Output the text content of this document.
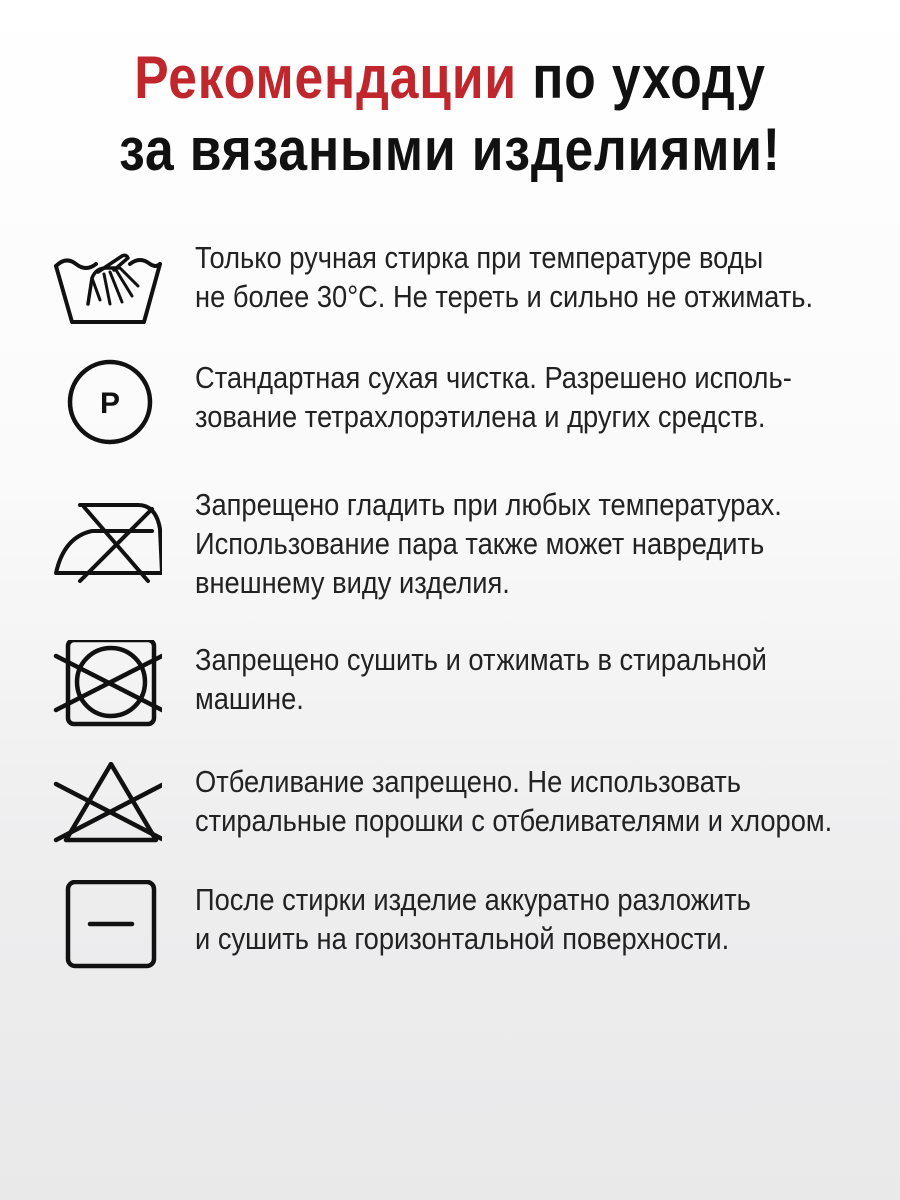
Рекомендации по уходу
за вязаными изделиями!
Только ручная стирка при температуре воды
не более 30°C. Не тереть и сильно не отжимать.
P
Стандартная сухая чистка. Разрешено исполь-
зование тетрахлорэтилена и других средств.
Запрещено гладить при любых температурах.
Использование пара также может навредить
внешнему виду изделия.
Запрещено сушить и отжимать в стиральной
машине.
Отбеливание запрещено. Не использовать
стиральные порошки с отбеливателями и хлором.
После стирки изделие аккуратно разложить
и сушить на горизонтальной поверхности.
